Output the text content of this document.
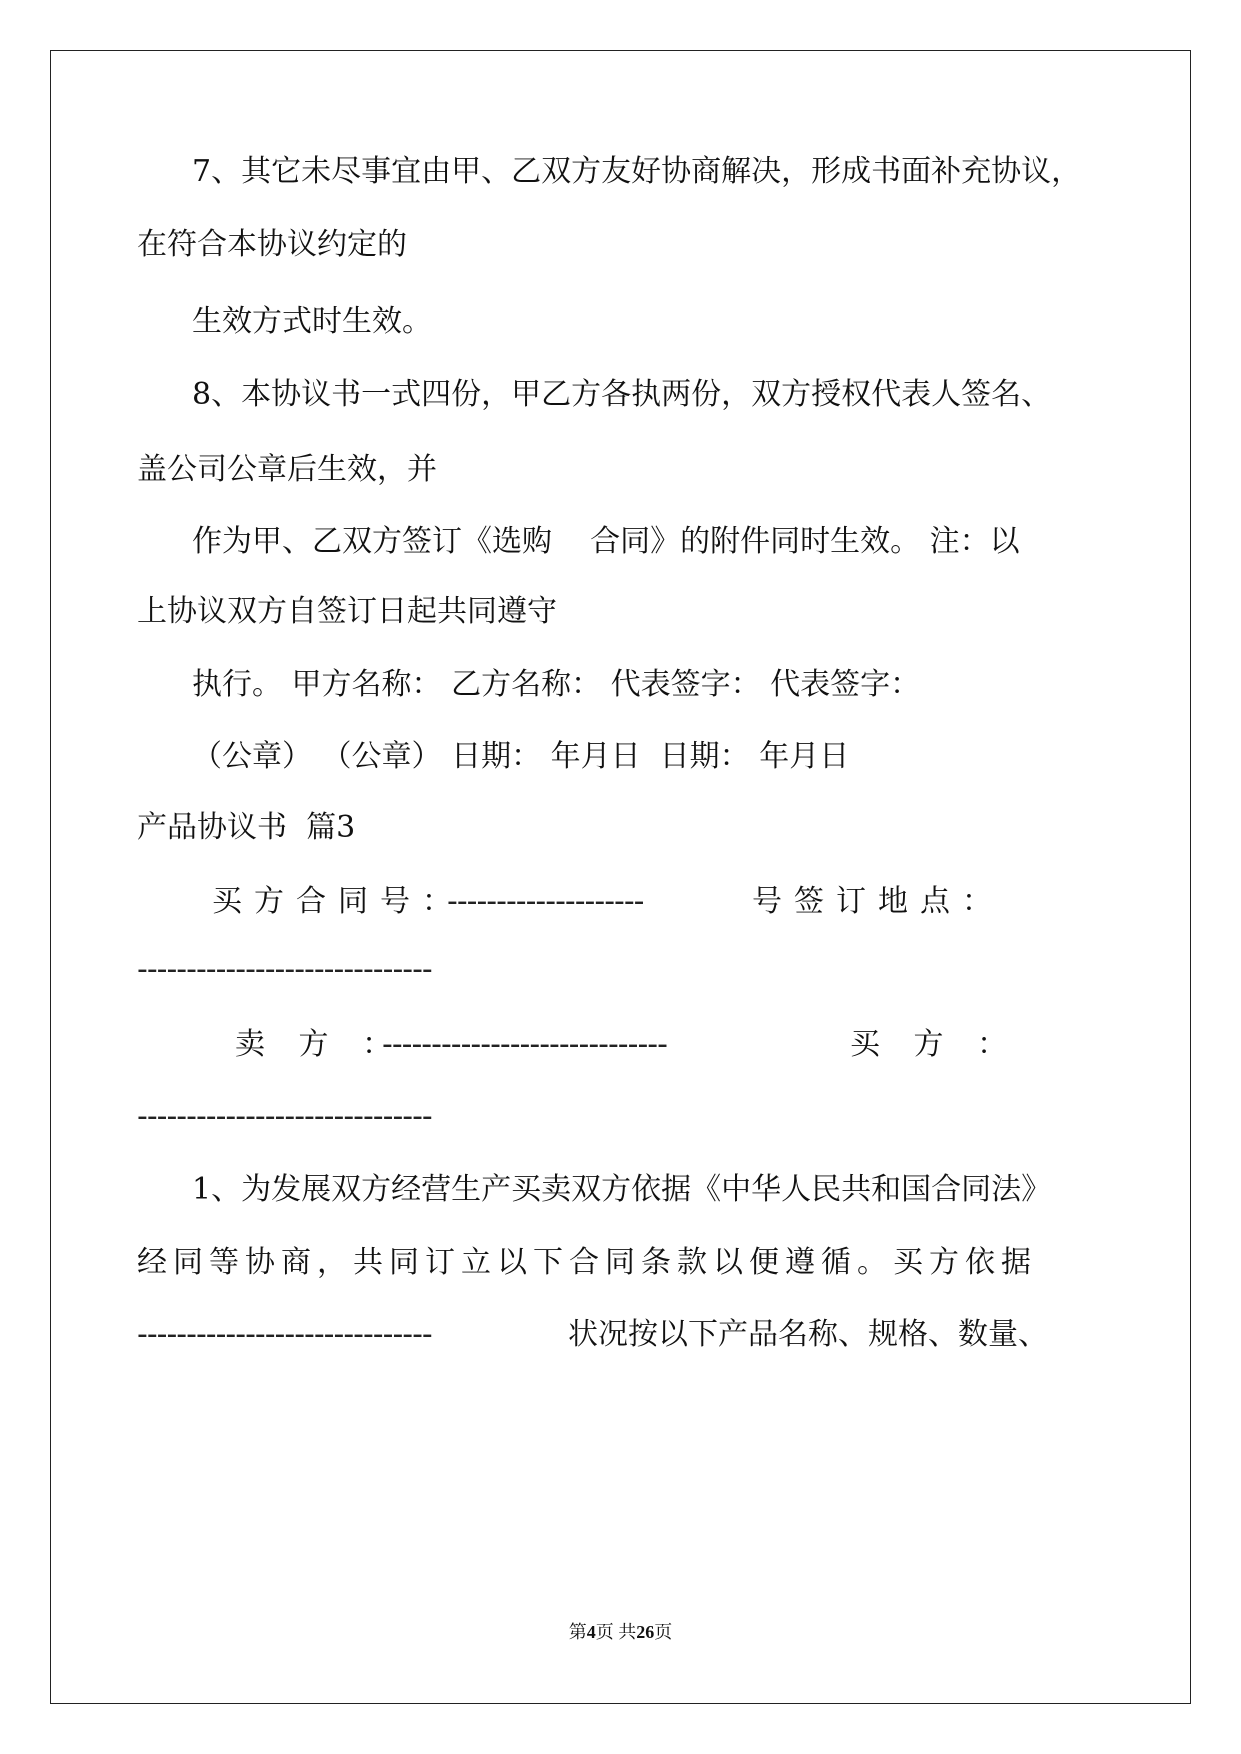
7、其它未尽事宜由甲、乙双方友好协商解决，形成书面补充协议，
在符合本协议约定的
生效方式时生效。
8、本协议书一式四份，甲乙方各执两份，双方授权代表人签名、
盖公司公章后生效，并
作为甲、乙双方签订《选购    合同》的附件同时生效。 注：以
上协议双方自签订日起共同遵守
执行。 甲方名称： 乙方名称： 代表签字： 代表签字：
（公章） （公章） 日期： 年月日  日期： 年月日
产品协议书  篇3
买方合同号：
--------------------	号签订地点：
------------------------------
卖 方 ：
-----------------------------	买 方 ：
------------------------------
1、为发展双方经营生产买卖双方依据《中华人民共和国合同法》
经同等协商，共同订立以下合同条款以便遵循。买方依据
------------------------------	状况按以下产品名称、规格、数量、
第4页 共26页
